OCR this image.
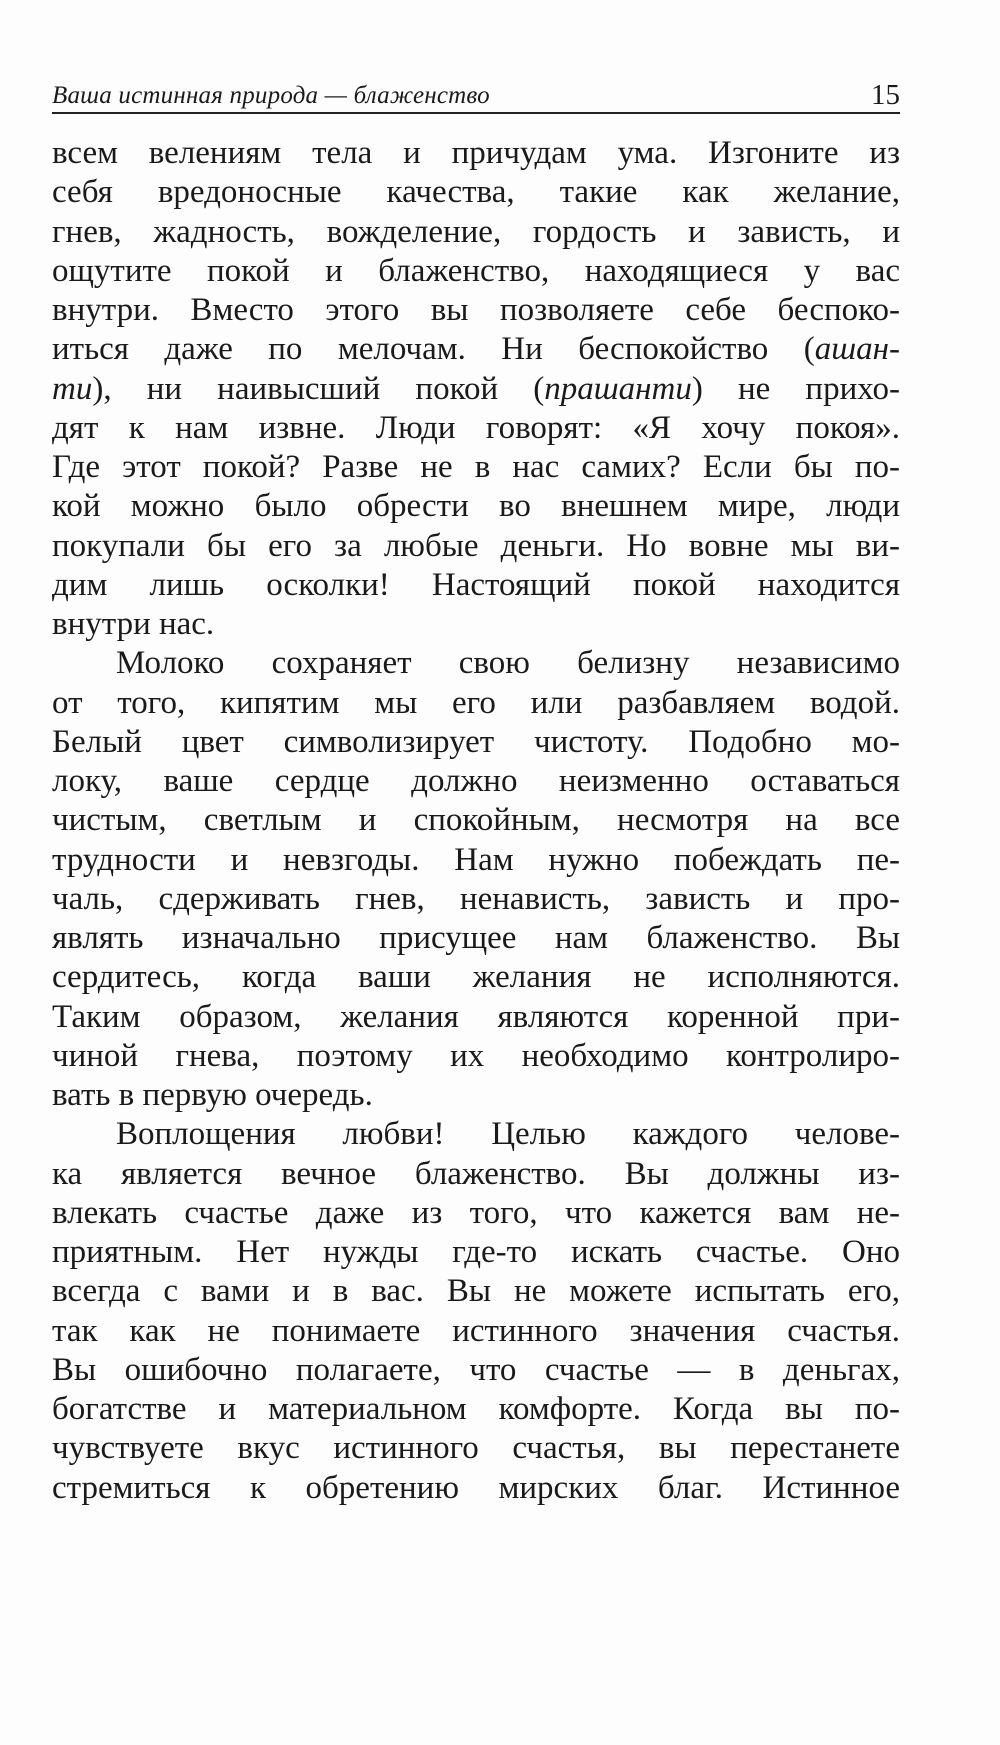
Ваша истинная природа — блаженство	15
всем велениям тела и причудам ума. Изгоните из
себя вредоносные качества, такие как желание,
гнев, жадность, вожделение, гордость и зависть, и
ощутите покой и блаженство, находящиеся у вас
внутри. Вместо этого вы позволяете себе беспоко-
иться даже по мелочам. Ни беспокойство (ашан-
ти), ни наивысший покой (прашанти) не прихо-
дят к нам извне. Люди говорят: «Я хочу покоя».
Где этот покой? Разве не в нас самих? Если бы по-
кой можно было обрести во внешнем мире, люди
покупали бы его за любые деньги. Но вовне мы ви-
дим лишь осколки! Настоящий покой находится
внутри нас.
Молоко сохраняет свою белизну независимо
от того, кипятим мы его или разбавляем водой.
Белый цвет символизирует чистоту. Подобно мо-
локу, ваше сердце должно неизменно оставаться
чистым, светлым и спокойным, несмотря на все
трудности и невзгоды. Нам нужно побеждать пе-
чаль, сдерживать гнев, ненависть, зависть и про-
являть изначально присущее нам блаженство. Вы
сердитесь, когда ваши желания не исполняются.
Таким образом, желания являются коренной при-
чиной гнева, поэтому их необходимо контролиро-
вать в первую очередь.
Воплощения любви! Целью каждого челове-
ка является вечное блаженство. Вы должны из-
влекать счастье даже из того, что кажется вам не-
приятным. Нет нужды где-то искать счастье. Оно
всегда с вами и в вас. Вы не можете испытать его,
так как не понимаете истинного значения счастья.
Вы ошибочно полагаете, что счастье — в деньгах,
богатстве и материальном комфорте. Когда вы по-
чувствуете вкус истинного счастья, вы перестанете
стремиться к обретению мирских благ. Истинное
